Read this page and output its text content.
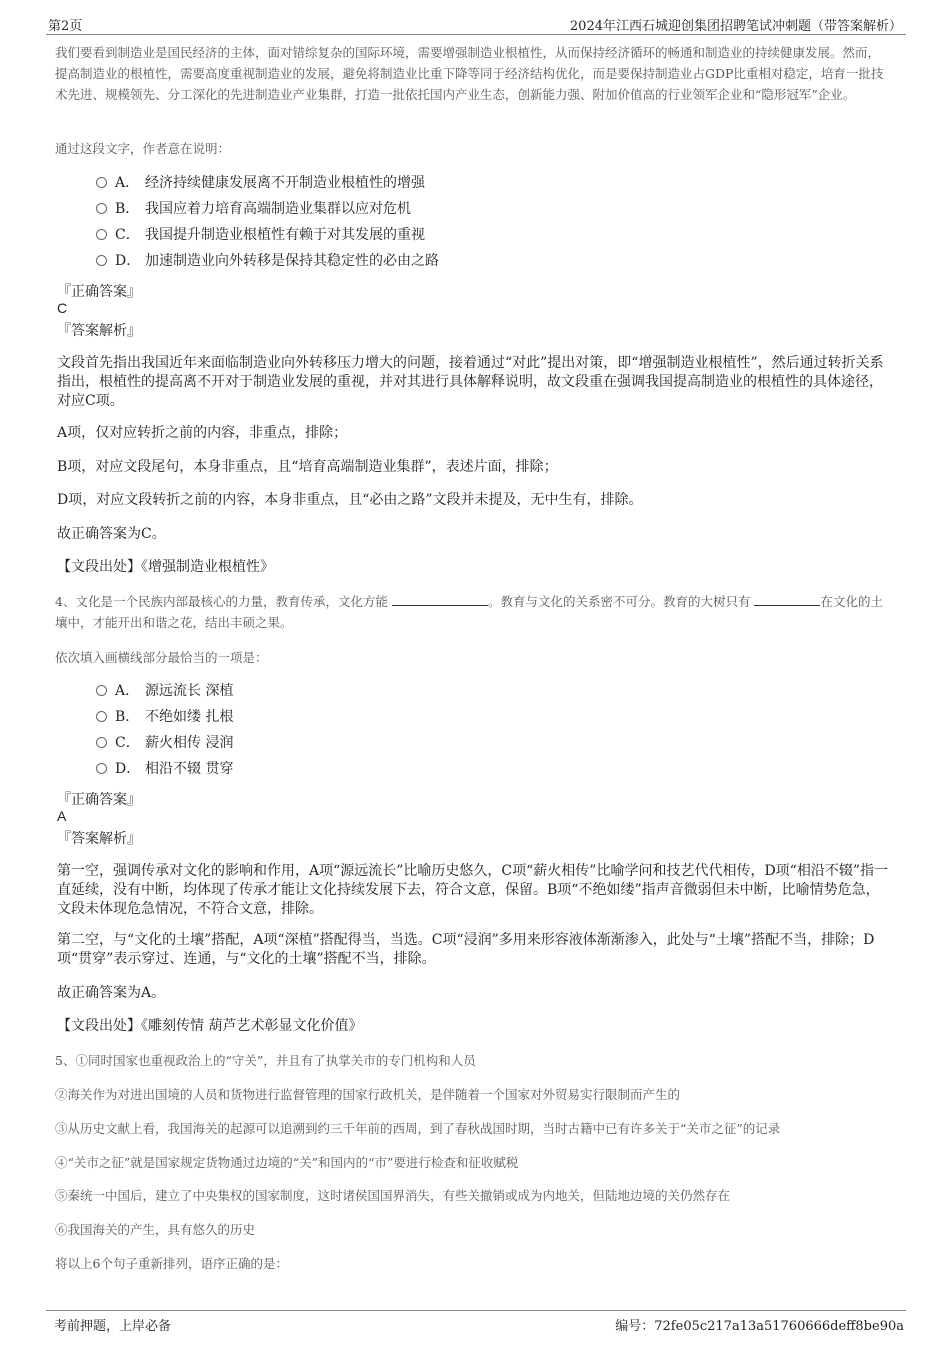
第2页	2024年江西石城迎创集团招聘笔试冲刺题（带答案解析）
我们要看到制造业是国民经济的主体，面对错综复杂的国际环境，需要增强制造业根植性，从而保持经济循环的畅通和制造业的持续健康发展。然而，提高制造业的根植性，需要高度重视制造业的发展，避免将制造业比重下降等同于经济结构优化，而是要保持制造业占GDP比重相对稳定，培育一批技术先进、规模领先、分工深化的先进制造业产业集群，打造一批依托国内产业生态，创新能力强、附加价值高的行业领军企业和“隐形冠军”企业。
通过这段文字，作者意在说明：
A． 经济持续健康发展离不开制造业根植性的增强
B． 我国应着力培育高端制造业集群以应对危机
C． 我国提升制造业根植性有赖于对其发展的重视
D． 加速制造业向外转移是保持其稳定性的必由之路
『正确答案』
C
『答案解析』
文段首先指出我国近年来面临制造业向外转移压力增大的问题，接着通过“对此”提出对策，即“增强制造业根植性”，然后通过转折关系指出，根植性的提高离不开对于制造业发展的重视，并对其进行具体解释说明，故文段重在强调我国提高制造业的根植性的具体途径，对应C项。
A项，仅对应转折之前的内容，非重点，排除；
B项，对应文段尾句，本身非重点，且“培育高端制造业集群”，表述片面，排除；
D项，对应文段转折之前的内容，本身非重点，且“必由之路”文段并未提及，无中生有，排除。
故正确答案为C。
【文段出处】《增强制造业根植性》
4、文化是一个民族内部最核心的力量，教育传承，文化方能	。教育与文化的关系密不可分。教育的大树只有	在文化的土壤中，才能开出和谐之花，结出丰硕之果。
依次填入画横线部分最恰当的一项是：
A． 源远流长 深植
B． 不绝如缕 扎根
C． 薪火相传 浸润
D． 相沿不辍 贯穿
『正确答案』
A
『答案解析』
第一空，强调传承对文化的影响和作用，A项“源远流长”比喻历史悠久，C项“薪火相传”比喻学问和技艺代代相传，D项“相沿不辍”指一直延续，没有中断，均体现了传承才能让文化持续发展下去，符合文意，保留。B项“不绝如缕”指声音微弱但未中断，比喻情势危急，文段未体现危急情况，不符合文意，排除。
第二空，与“文化的土壤”搭配，A项“深植”搭配得当，当选。C项“浸润”多用来形容液体渐渐渗入，此处与“土壤”搭配不当，排除；D项“贯穿”表示穿过、连通，与“文化的土壤”搭配不当，排除。
故正确答案为A。
【文段出处】《雕刻传情 葫芦艺术彰显文化价值》
5、①同时国家也重视政治上的“守关”，并且有了执掌关市的专门机构和人员
②海关作为对进出国境的人员和货物进行监督管理的国家行政机关，是伴随着一个国家对外贸易实行限制而产生的
③从历史文献上看，我国海关的起源可以追溯到约三千年前的西周，到了春秋战国时期，当时古籍中已有许多关于“关市之征”的记录
④“关市之征”就是国家规定货物通过边境的“关”和国内的“市”要进行检查和征收赋税
⑤秦统一中国后，建立了中央集权的国家制度，这时诸侯国国界消失，有些关撤销或成为内地关，但陆地边境的关仍然存在
⑥我国海关的产生，具有悠久的历史
将以上6个句子重新排列，语序正确的是：
考前押题，上岸必备	编号：72fe05c217a13a51760666deff8be90a
